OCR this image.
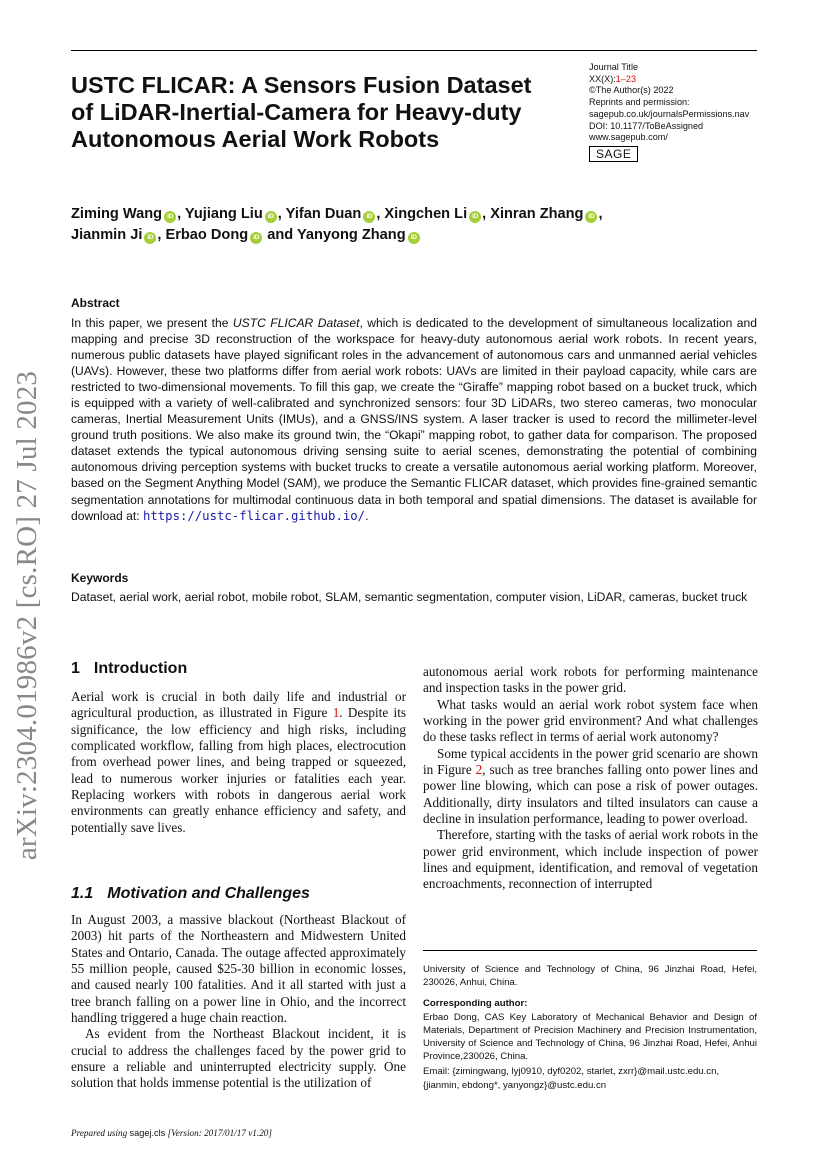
USTC FLICAR: A Sensors Fusion Dataset of LiDAR-Inertial-Camera for Heavy-duty Autonomous Aerial Work Robots
Journal Title
XX(X):1–23
©The Author(s) 2022
Reprints and permission:
sagepub.co.uk/journalsPermissions.nav
DOI: 10.1177/ToBeAssigned
www.sagepub.com/
SAGE
Ziming Wang iD , Yujiang Liu iD , Yifan Duan iD , Xingchen Li iD , Xinran Zhang iD ,
Jianmin Ji iD , Erbao Dong iD and Yanyong Zhang iD
Abstract

In this paper, we present the USTC FLICAR Dataset, which is dedicated to the development of simultaneous localization and mapping and precise 3D reconstruction of the workspace for heavy-duty autonomous aerial work robots. In recent years, numerous public datasets have played significant roles in the advancement of autonomous cars and unmanned aerial vehicles (UAVs). However, these two platforms differ from aerial work robots: UAVs are limited in their payload capacity, while cars are restricted to two-dimensional movements. To fill this gap, we create the “Giraffe” mapping robot based on a bucket truck, which is equipped with a variety of well-calibrated and synchronized sensors: four 3D LiDARs, two stereo cameras, two monocular cameras, Inertial Measurement Units (IMUs), and a GNSS/INS system. A laser tracker is used to record the millimeter-level ground truth positions. We also make its ground twin, the “Okapi” mapping robot, to gather data for comparison. The proposed dataset extends the typical autonomous driving sensing suite to aerial scenes, demonstrating the potential of combining autonomous driving perception systems with bucket trucks to create a versatile autonomous aerial working platform. Moreover, based on the Segment Anything Model (SAM), we produce the Semantic FLICAR dataset, which provides fine-grained semantic segmentation annotations for multimodal continuous data in both temporal and spatial dimensions. The dataset is available for download at: https://ustc-flicar.github.io/.

Keywords

Dataset, aerial work, aerial robot, mobile robot, SLAM, semantic segmentation, computer vision, LiDAR, cameras, bucket truck

1 Introduction

Aerial work is crucial in both daily life and industrial or agricultural production, as illustrated in Figure 1. Despite its significance, the low efficiency and high risks, including complicated workflow, falling from high places, electrocution from overhead power lines, and being trapped or squeezed, lead to numerous worker injuries or fatalities each year. Replacing workers with robots in dangerous aerial work environments can greatly enhance efficiency and safety, and potentially save lives.

1.1 Motivation and Challenges

In August 2003, a massive blackout (Northeast Blackout of 2003) hit parts of the Northeastern and Midwestern United States and Ontario, Canada. The outage affected approximately 55 million people, caused $25-30 billion in economic losses, and caused nearly 100 fatalities. And it all started with just a tree branch falling on a power line in Ohio, and the incorrect handling triggered a huge chain reaction.

As evident from the Northeast Blackout incident, it is crucial to address the challenges faced by the power grid to ensure a reliable and uninterrupted electricity supply. One solution that holds immense potential is the utilization of

autonomous aerial work robots for performing maintenance and inspection tasks in the power grid.

What tasks would an aerial work robot system face when working in the power grid environment? And what challenges do these tasks reflect in terms of aerial work autonomy?

Some typical accidents in the power grid scenario are shown in Figure 2, such as tree branches falling onto power lines and power line blowing, which can pose a risk of power outages. Additionally, dirty insulators and tilted insulators can cause a decline in insulation performance, leading to power overload.

Therefore, starting with the tasks of aerial work robots in the power grid environment, which include inspection of power lines and equipment, identification, and removal of vegetation encroachments, reconnection of interrupted

University of Science and Technology of China, 96 Jinzhai Road, Hefei, 230026, Anhui, China.

Corresponding author:

Erbao Dong, CAS Key Laboratory of Mechanical Behavior and Design of Materials, Department of Precision Machinery and Precision Instrumentation, University of Science and Technology of China, 96 Jinzhai Road, Hefei, Anhui Province,230026, China.

Email: {zimingwang, lyj0910, dyf0202, starlet, zxrr}@mail.ustc.edu.cn,

{jianmin, ebdong*, yanyongz}@ustc.edu.cn

Prepared using sagej.cls [Version: 2017/01/17 v1.20]
arXiv:2304.01986v2 [cs.RO] 27 Jul 2023
